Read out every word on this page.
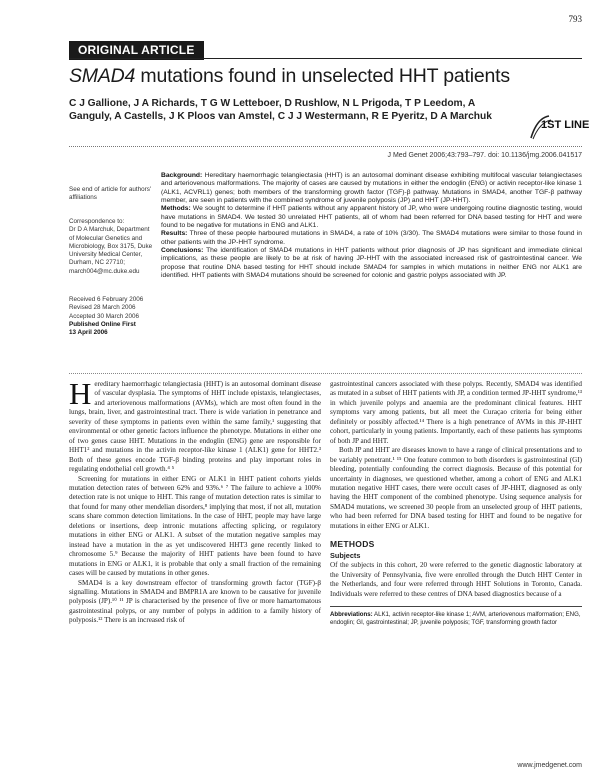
793
ORIGINAL ARTICLE
SMAD4 mutations found in unselected HHT patients

C J Gallione, J A Richards, T G W Letteboer, D Rushlow, N L Prigoda, T P Leedom, A Ganguly, A Castells, J K Ploos van Amstel, C J J Westermann, R E Pyeritz, D A Marchuk

1ST LINE
J Med Genet 2006;43:793–797. doi: 10.1136/jmg.2006.041517
See end of article for authors' affiliations
Correspondence to:
Dr D A Marchuk, Department of Molecular Genetics and Microbiology, Box 3175, Duke University Medical Center, Durham, NC 27710; march004@mc.duke.edu
Received 6 February 2006
Revised 28 March 2006
Accepted 30 March 2006
Published Online First
13 April 2006

Background: Hereditary haemorrhagic telangiectasia (HHT) is an autosomal dominant disease exhibiting multifocal vascular telangiectases and arteriovenous malformations. The majority of cases are caused by mutations in either the endoglin (ENG) or activin receptor-like kinase 1 (ALK1, ACVRL1) genes; both members of the transforming growth factor (TGF)-β pathway. Mutations in SMAD4, another TGF-β pathway member, are seen in patients with the combined syndrome of juvenile polyposis (JP) and HHT (JP-HHT).

Methods: We sought to determine if HHT patients without any apparent history of JP, who were undergoing routine diagnostic testing, would have mutations in SMAD4. We tested 30 unrelated HHT patients, all of whom had been referred for DNA based testing for HHT and were found to be negative for mutations in ENG and ALK1.

Results: Three of these people harboured mutations in SMAD4, a rate of 10% (3/30). The SMAD4 mutations were similar to those found in other patients with the JP-HHT syndrome.

Conclusions: The identification of SMAD4 mutations in HHT patients without prior diagnosis of JP has significant and immediate clinical implications, as these people are likely to be at risk of having JP-HHT with the associated increased risk of gastrointestinal cancer. We propose that routine DNA based testing for HHT should include SMAD4 for samples in which mutations in neither ENG nor ALK1 are identified. HHT patients with SMAD4 mutations should be screened for colonic and gastric polyps associated with JP.

Hereditary haemorrhagic telangiectasia (HHT) is an autosomal dominant disease of vascular dysplasia. The symptoms of HHT include epistaxis, telangiectases, and arteriovenous malformations (AVMs), which are most often found in the lungs, brain, liver, and gastrointestinal tract. There is wide variation in penetrance and severity of these symptoms in patients even within the same family,¹ suggesting that environmental or other genetic factors influence the phenotype. Mutations in either one of two genes cause HHT. Mutations in the endoglin (ENG) gene are responsible for HHT1² and mutations in the activin receptor-like kinase 1 (ALK1) gene for HHT2.³ Both of these genes encode TGF-β binding proteins and play important roles in regulating endothelial cell growth.⁴ ⁵

Screening for mutations in either ENG or ALK1 in HHT patient cohorts yields mutation detection rates of between 62% and 93%.⁶ ⁷ The failure to achieve a 100% detection rate is not unique to HHT. This range of mutation detection rates is similar to that found for many other mendelian disorders,⁸ implying that most, if not all, mutation scans share common detection limitations. In the case of HHT, people may have large deletions or insertions, deep intronic mutations affecting splicing, or regulatory mutations in either ENG or ALK1. A subset of the mutation negative samples may instead have a mutation in the as yet undiscovered HHT3 gene recently linked to chromosome 5.⁹ Because the majority of HHT patients have been found to have mutations in ENG or ALK1, it is probable that only a small fraction of the remaining cases will be caused by mutations in other genes.

SMAD4 is a key downstream effector of transforming growth factor (TGF)-β signalling. Mutations in SMAD4 and BMPR1A are known to be causative for juvenile polyposis (JP).¹⁰ ¹¹ JP is characterised by the presence of five or more hamartomatous gastrointestinal polyps, or any number of polyps in addition to a family history of polyposis.¹² There is an increased risk of

gastrointestinal cancers associated with these polyps. Recently, SMAD4 was identified as mutated in a subset of HHT patients with JP, a condition termed JP-HHT syndrome,¹³ in which juvenile polyps and anaemia are the predominant clinical features. HHT symptoms vary among patients, but all meet the Curaçao criteria for being either definitely or possibly affected.¹⁴ There is a high penetrance of AVMs in this JP-HHT cohort, particularly in young patients. Importantly, each of these patients has symptoms of both JP and HHT.

Both JP and HHT are diseases known to have a range of clinical presentations and to be variably penetrant.¹ ¹⁵ One feature common to both disorders is gastrointestinal (GI) bleeding, potentially confounding the correct diagnosis. Because of this potential for uncertainty in diagnoses, we questioned whether, among a cohort of ENG and ALK1 mutation negative HHT cases, there were occult cases of JP-HHT, diagnosed as only having the HHT component of the combined phenotype. Using sequence analysis for SMAD4 mutations, we screened 30 people from an unselected group of HHT patients, who had been referred for DNA based testing for HHT and found to be negative for mutations in either ENG or ALK1.

METHODS
Subjects

Of the subjects in this cohort, 20 were referred to the genetic diagnostic laboratory at the University of Pennsylvania, five were enrolled through the Dutch HHT Center in the Netherlands, and four were referred through HHT Solutions in Toronto, Canada. Individuals were referred to these centres of DNA based diagnostics because of a

Abbreviations: ALK1, activin receptor-like kinase 1; AVM, arteriovenous malformation; ENG, endoglin; GI, gastrointestinal; JP, juvenile polyposis; TGF, transforming growth factor
www.jmedgenet.com
